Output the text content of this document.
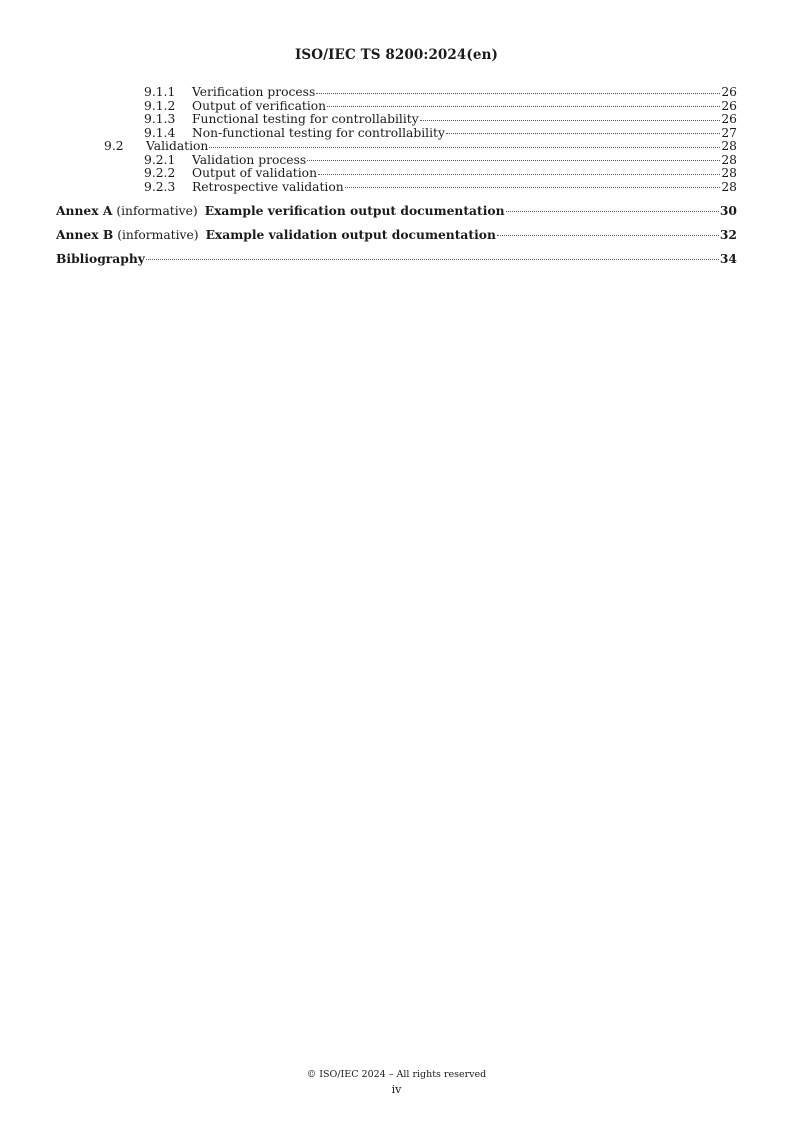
ISO/IEC TS 8200:2024(en)
9.1.1	Verification process	26
9.1.2	Output of verification	26
9.1.3	Functional testing for controllability	26
9.1.4	Non-functional testing for controllability	27
9.2	Validation	28
9.2.1	Validation process	28
9.2.2	Output of validation	28
9.2.3	Retrospective validation	28
Annex A (informative) Example verification output documentation	30
Annex B (informative) Example validation output documentation	32
Bibliography	34
© ISO/IEC 2024 – All rights reserved
iv
